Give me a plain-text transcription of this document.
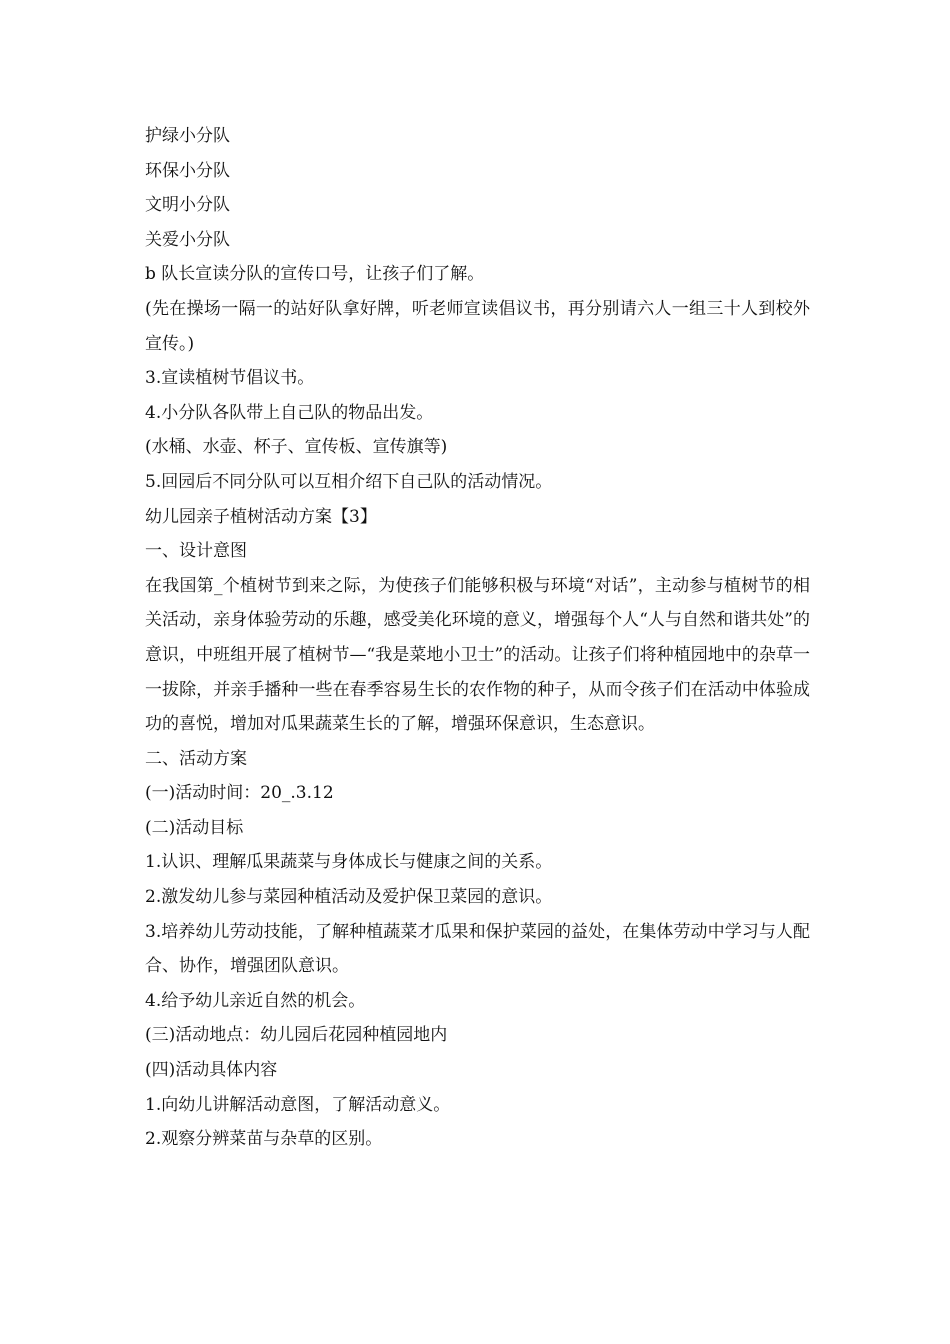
护绿小分队
环保小分队
文明小分队
关爱小分队
b 队长宣读分队的宣传口号，让孩子们了解。
(先在操场一隔一的站好队拿好牌，听老师宣读倡议书，再分别请六人一组三十人到校外宣传。)
3.宣读植树节倡议书。
4.小分队各队带上自己队的物品出发。
(水桶、水壶、杯子、宣传板、宣传旗等)
5.回园后不同分队可以互相介绍下自己队的活动情况。
幼儿园亲子植树活动方案【3】
一、设计意图
在我国第_个植树节到来之际，为使孩子们能够积极与环境“对话”，主动参与植树节的相关活动，亲身体验劳动的乐趣，感受美化环境的意义，增强每个人“人与自然和谐共处”的意识，中班组开展了植树节—“我是菜地小卫士”的活动。让孩子们将种植园地中的杂草一一拔除，并亲手播种一些在春季容易生长的农作物的种子，从而令孩子们在活动中体验成功的喜悦，增加对瓜果蔬菜生长的了解，增强环保意识，生态意识。
二、活动方案
(一)活动时间：20_.3.12
(二)活动目标
1.认识、理解瓜果蔬菜与身体成长与健康之间的关系。
2.激发幼儿参与菜园种植活动及爱护保卫菜园的意识。
3.培养幼儿劳动技能，了解种植蔬菜才瓜果和保护菜园的益处，在集体劳动中学习与人配合、协作，增强团队意识。
4.给予幼儿亲近自然的机会。
(三)活动地点：幼儿园后花园种植园地内
(四)活动具体内容
1.向幼儿讲解活动意图，了解活动意义。
2.观察分辨菜苗与杂草的区别。
